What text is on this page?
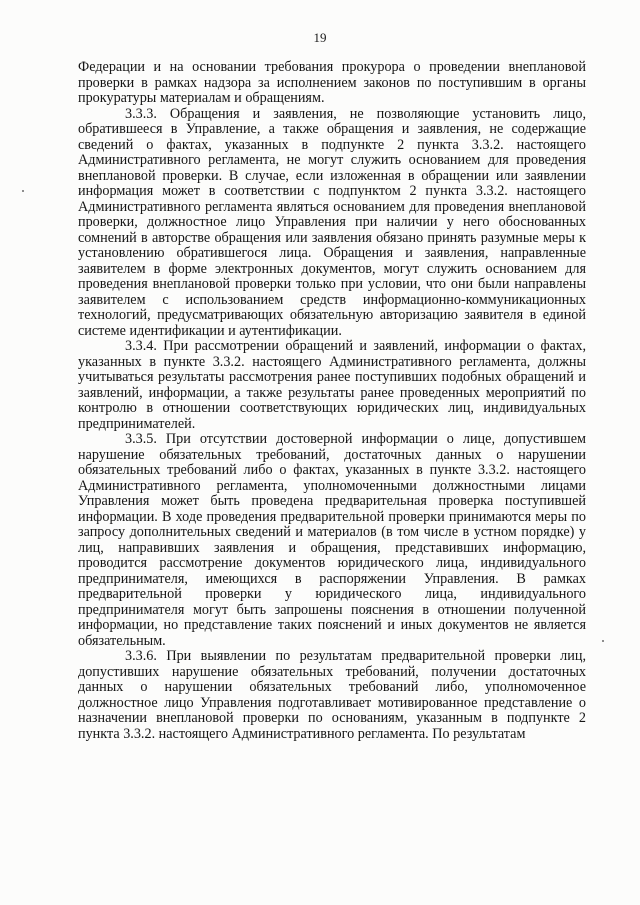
19

Федерации и на основании требования прокурора о проведении внеплановой проверки в рамках надзора за исполнением законов по поступившим в органы прокуратуры материалам и обращениям.

3.3.3. Обращения и заявления, не позволяющие установить лицо, обратившееся в Управление, а также обращения и заявления, не содержащие сведений о фактах, указанных в подпункте 2 пункта 3.3.2. настоящего Административного регламента, не могут служить основанием для проведения внеплановой проверки. В случае, если изложенная в обращении или заявлении информация может в соответствии с подпунктом 2 пункта 3.3.2. настоящего Административного регламента являться основанием для проведения внеплановой проверки, должностное лицо Управления при наличии у него обоснованных сомнений в авторстве обращения или заявления обязано принять разумные меры к установлению обратившегося лица. Обращения и заявления, направленные заявителем в форме электронных документов, могут служить основанием для проведения внеплановой проверки только при условии, что они были направлены заявителем с использованием средств информационно-коммуникационных технологий, предусматривающих обязательную авторизацию заявителя в единой системе идентификации и аутентификации.

3.3.4. При рассмотрении обращений и заявлений, информации о фактах, указанных в пункте 3.3.2. настоящего Административного регламента, должны учитываться результаты рассмотрения ранее поступивших подобных обращений и заявлений, информации, а также результаты ранее проведенных мероприятий по контролю в отношении соответствующих юридических лиц, индивидуальных предпринимателей.

3.3.5. При отсутствии достоверной информации о лице, допустившем нарушение обязательных требований, достаточных данных о нарушении обязательных требований либо о фактах, указанных в пункте 3.3.2. настоящего Административного регламента, уполномоченными должностными лицами Управления может быть проведена предварительная проверка поступившей информации. В ходе проведения предварительной проверки принимаются меры по запросу дополнительных сведений и материалов (в том числе в устном порядке) у лиц, направивших заявления и обращения, представивших информацию, проводится рассмотрение документов юридического лица, индивидуального предпринимателя, имеющихся в распоряжении Управления. В рамках предварительной проверки у юридического лица, индивидуального предпринимателя могут быть запрошены пояснения в отношении полученной информации, но представление таких пояснений и иных документов не является обязательным.

3.3.6. При выявлении по результатам предварительной проверки лиц, допустивших нарушение обязательных требований, получении достаточных данных о нарушении обязательных требований либо, уполномоченное должностное лицо Управления подготавливает мотивированное представление о назначении внеплановой проверки по основаниям, указанным в подпункте 2 пункта 3.3.2. настоящего Административного регламента. По результатам
